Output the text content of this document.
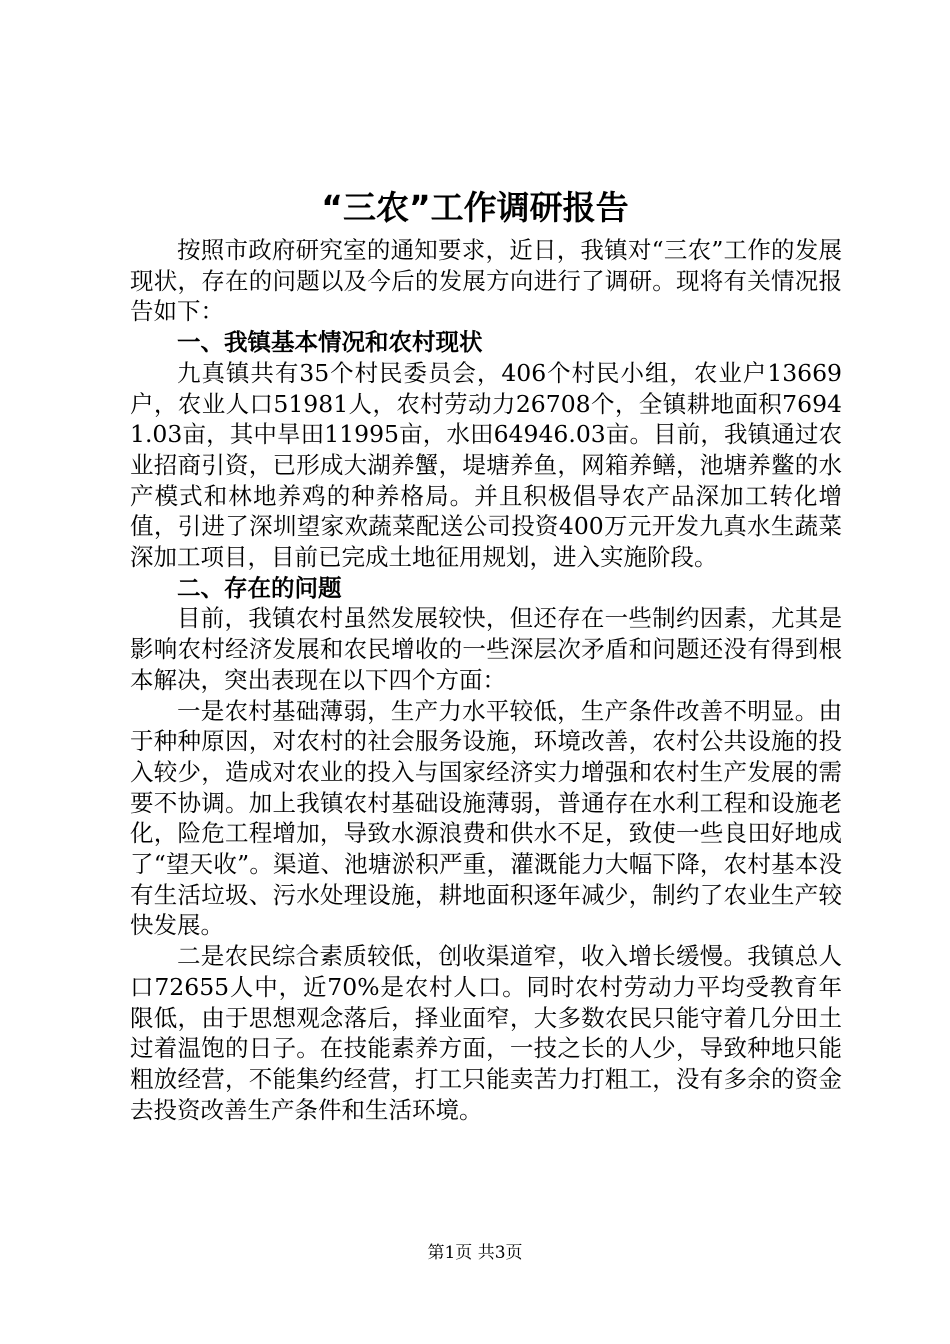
“三农”工作调研报告

按照市政府研究室的通知要求，近日，我镇对“三农”工作的发展现状，存在的问题以及今后的发展方向进行了调研。现将有关情况报告如下：

一、我镇基本情况和农村现状

九真镇共有35个村民委员会，406个村民小组，农业户13669户，农业人口51981人，农村劳动力26708个，全镇耕地面积76941.03亩，其中旱田11995亩，水田64946.03亩。目前，我镇通过农业招商引资，已形成大湖养蟹，堤塘养鱼，网箱养鳝，池塘养鳖的水产模式和林地养鸡的种养格局。并且积极倡导农产品深加工转化增值，引进了深圳望家欢蔬菜配送公司投资400万元开发九真水生蔬菜深加工项目，目前已完成土地征用规划，进入实施阶段。

二、存在的问题

目前，我镇农村虽然发展较快，但还存在一些制约因素，尤其是影响农村经济发展和农民增收的一些深层次矛盾和问题还没有得到根本解决，突出表现在以下四个方面：

一是农村基础薄弱，生产力水平较低，生产条件改善不明显。由于种种原因，对农村的社会服务设施，环境改善，农村公共设施的投入较少，造成对农业的投入与国家经济实力增强和农村生产发展的需要不协调。加上我镇农村基础设施薄弱，普通存在水利工程和设施老化，险危工程增加，导致水源浪费和供水不足，致使一些良田好地成了“望天收”。渠道、池塘淤积严重，灌溉能力大幅下降，农村基本没有生活垃圾、污水处理设施，耕地面积逐年减少，制约了农业生产较快发展。

二是农民综合素质较低，创收渠道窄，收入增长缓慢。我镇总人口72655人中，近70%是农村人口。同时农村劳动力平均受教育年限低，由于思想观念落后，择业面窄，大多数农民只能守着几分田土过着温饱的日子。在技能素养方面，一技之长的人少，导致种地只能粗放经营，不能集约经营，打工只能卖苦力打粗工，没有多余的资金去投资改善生产条件和生活环境。

第1页 共3页
